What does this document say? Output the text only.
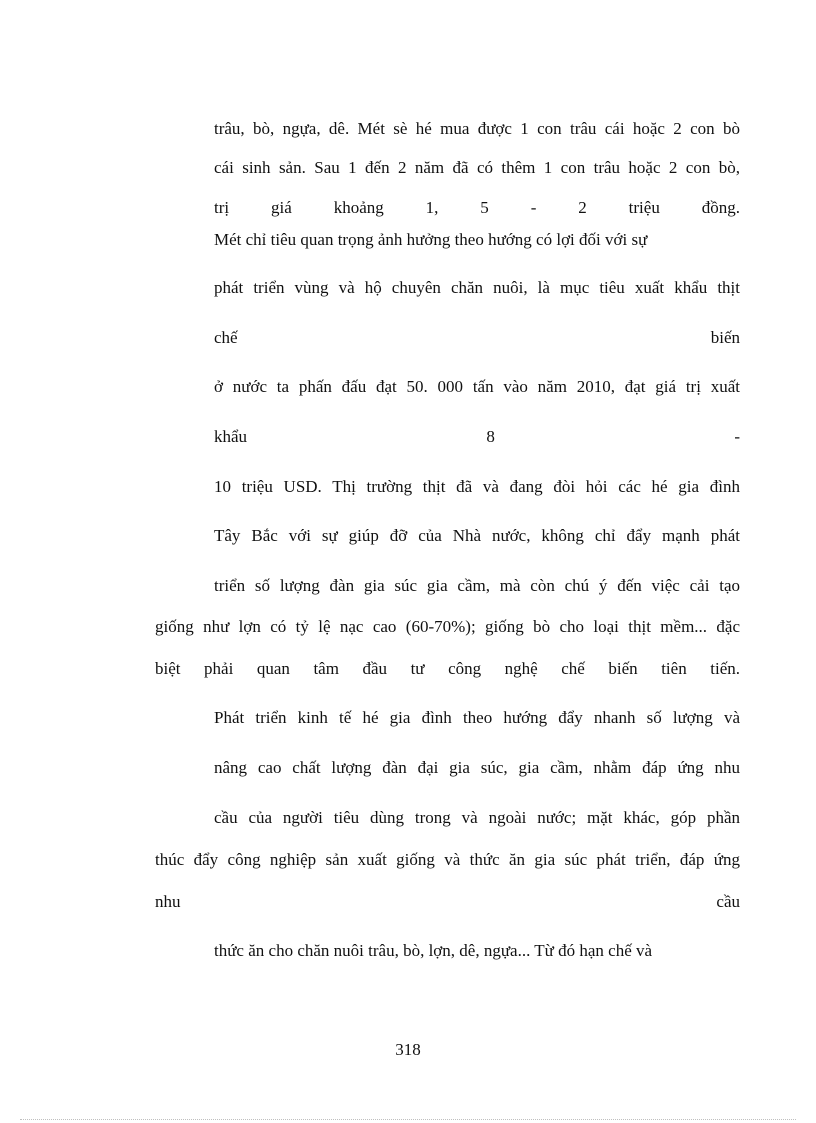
trâu, bò, ngựa, dê. Mét sè hé mua được 1 con trâu cái hoặc 2 con bò
cái sinh sản. Sau 1 đến 2 năm đã có thêm 1 con trâu hoặc 2 con bò,
trị giá khoảng 1, 5 - 2 triệu đồng.
Mét chỉ tiêu quan trọng ảnh hưởng theo hướng có lợi đối với sự
phát triển vùng và hộ chuyên chăn nuôi, là mục tiêu xuất khẩu thịt
chế biến
ở nước ta phấn đấu đạt 50. 000 tấn vào năm 2010, đạt giá trị xuất
khẩu 8 -
10 triệu USD. Thị trường thịt đã và đang đòi hỏi các hé gia đình
Tây Bắc với sự giúp đỡ của Nhà nước, không chỉ đẩy mạnh phát
triển số lượng đàn gia súc gia cầm, mà còn chú ý đến việc cải tạo
giống như lợn có tỷ lệ nạc cao (60-70%); giống bò cho loại thịt mềm... đặc
biệt phải quan tâm đầu tư công nghệ chế biến tiên tiến.
Phát triển kinh tế hé gia đình theo hướng đẩy nhanh số lượng và
nâng cao chất lượng đàn đại gia súc, gia cầm, nhằm đáp ứng nhu
cầu của người tiêu dùng trong và ngoài nước; mặt khác, góp phần
thúc đẩy công nghiệp sản xuất giống và thức ăn gia súc phát triển, đáp ứng
nhu cầu
thức ăn cho chăn nuôi trâu, bò, lợn, dê, ngựa... Từ đó hạn chế và
318
